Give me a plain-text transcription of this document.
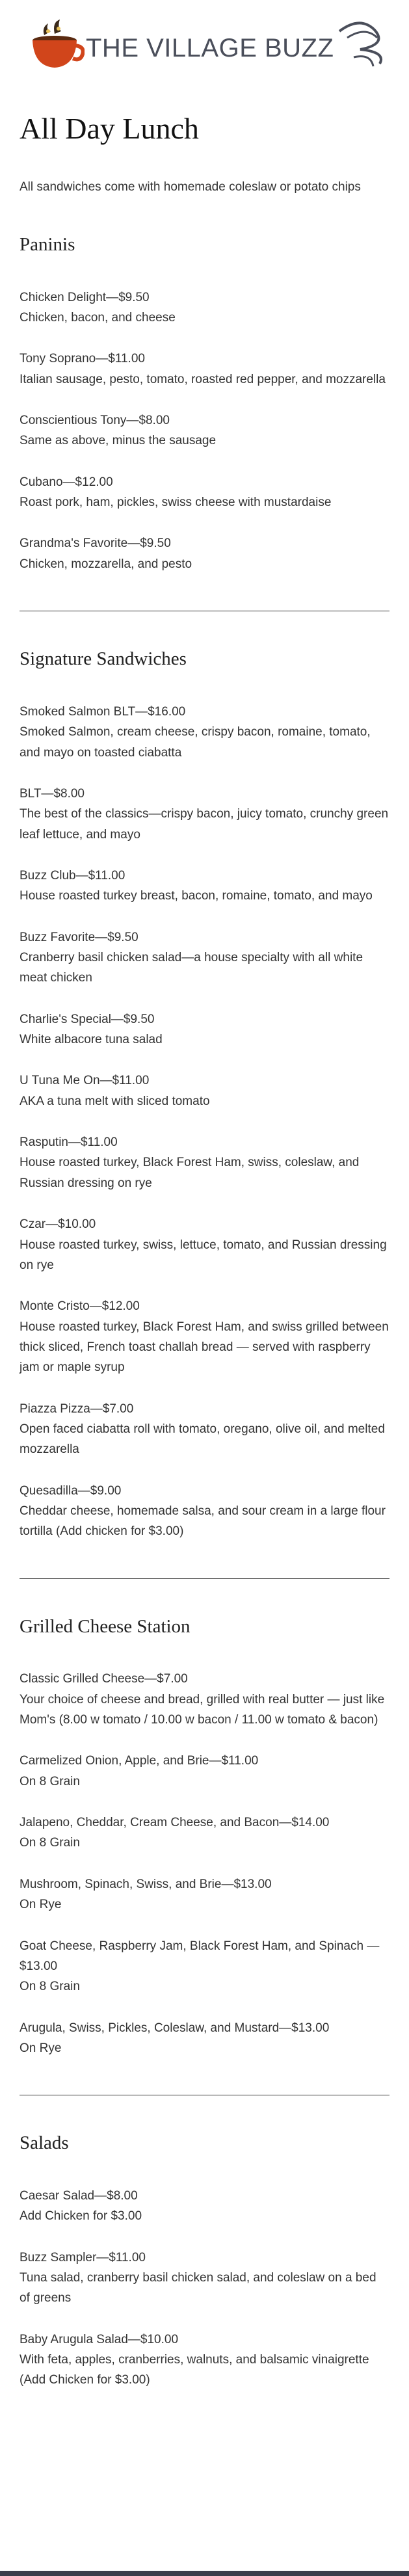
THE VILLAGE BUZZ
All Day Lunch

All sandwiches come with homemade coleslaw or potato chips

Paninis
Chicken Delight—$9.50
Chicken, bacon, and cheese
Tony Soprano—$11.00
Italian sausage, pesto, tomato, roasted red pepper, and mozzarella
Conscientious Tony—$8.00
Same as above, minus the sausage
Cubano—$12.00
Roast pork, ham, pickles, swiss cheese with mustardaise
Grandma's Favorite—$9.50
Chicken, mozzarella, and pesto
Signature Sandwiches
Smoked Salmon BLT—$16.00
Smoked Salmon, cream cheese, crispy bacon, romaine, tomato, and mayo on toasted ciabatta
BLT—$8.00
The best of the classics—crispy bacon, juicy tomato, crunchy green leaf lettuce, and mayo
Buzz Club—$11.00
House roasted turkey breast, bacon, romaine, tomato, and mayo
Buzz Favorite—$9.50
Cranberry basil chicken salad—a house specialty with all white meat chicken
Charlie's Special—$9.50
White albacore tuna salad
U Tuna Me On—$11.00
AKA a tuna melt with sliced tomato
Rasputin—$11.00
House roasted turkey, Black Forest Ham, swiss, coleslaw, and Russian dressing on rye
Czar—$10.00
House roasted turkey, swiss, lettuce, tomato, and Russian dressing on rye
Monte Cristo—$12.00
House roasted turkey, Black Forest Ham, and swiss grilled between thick sliced, French toast challah bread — served with raspberry jam or maple syrup
Piazza Pizza—$7.00
Open faced ciabatta roll with tomato, oregano, olive oil, and melted mozzarella
Quesadilla—$9.00
Cheddar cheese, homemade salsa, and sour cream in a large flour tortilla (Add chicken for $3.00)
Grilled Cheese Station
Classic Grilled Cheese—$7.00
Your choice of cheese and bread, grilled with real butter — just like Mom's (8.00 w tomato / 10.00 w bacon / 11.00 w tomato & bacon)
Carmelized Onion, Apple, and Brie—$11.00
On 8 Grain
Jalapeno, Cheddar, Cream Cheese, and Bacon—$14.00
On 8 Grain
Mushroom, Spinach, Swiss, and Brie—$13.00
On Rye
Goat Cheese, Raspberry Jam, Black Forest Ham, and Spinach —$13.00
On 8 Grain
Arugula, Swiss, Pickles, Coleslaw, and Mustard—$13.00
On Rye
Salads
Caesar Salad—$8.00
Add Chicken for $3.00
Buzz Sampler—$11.00
Tuna salad, cranberry basil chicken salad, and coleslaw on a bed of greens
Baby Arugula Salad—$10.00
With feta, apples, cranberries, walnuts, and balsamic vinaigrette (Add Chicken for $3.00)
